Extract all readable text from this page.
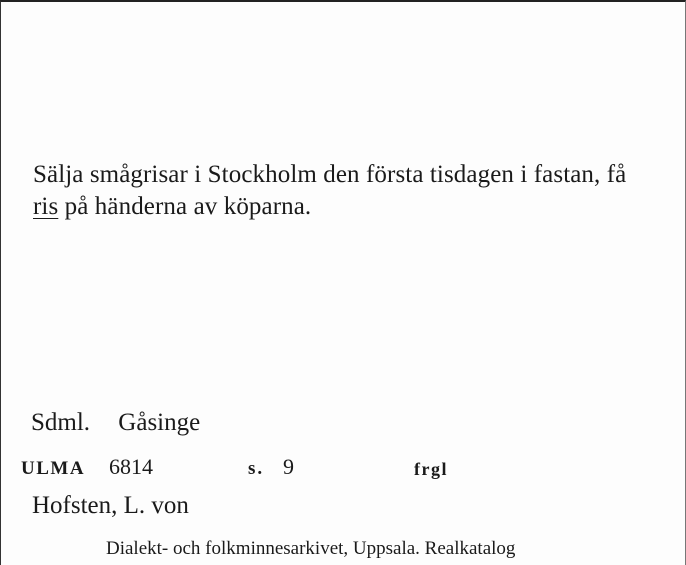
Sälja smågrisar i Stockholm den första tisdagen i fastan, få ris på händerna av köparna.
Sdml. Gåsinge
ULMA 6814	s. 9	frgl
Hofsten, L. von
Dialekt- och folkminnesarkivet, Uppsala. Realkatalog
